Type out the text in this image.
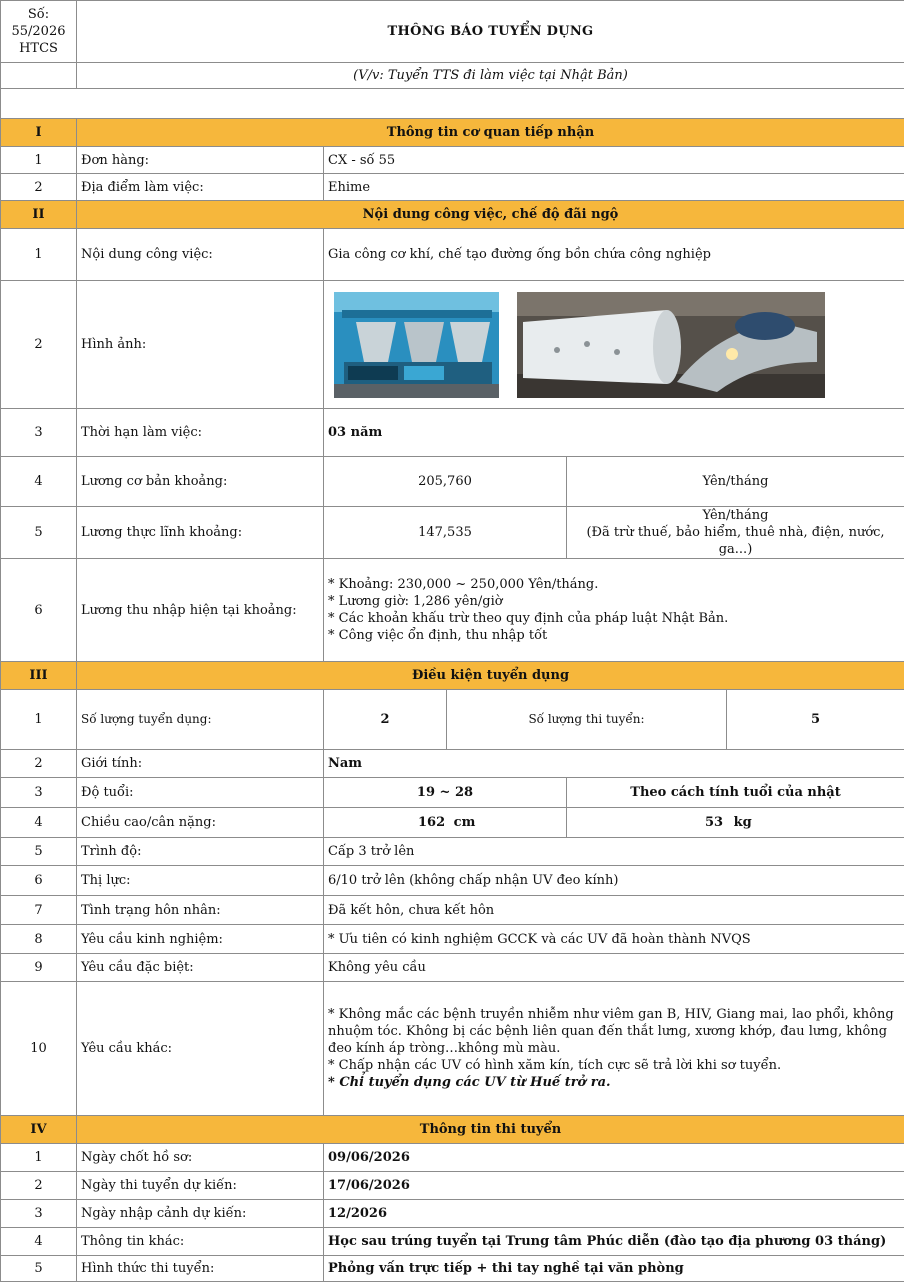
Số: 55/2026
HTCS	THÔNG BÁO TUYỂN DỤNG				
	(V/v: Tuyển TTS đi làm việc tại Nhật Bản)				

I	Thông tin cơ quan tiếp nhận				
1	Đơn hàng:	CX - số 55			
2	Địa điểm làm việc:	Ehime			
II	Nội dung công việc, chế độ đãi ngộ				
1	Nội dung công việc:	Gia công cơ khí, chế tạo đường ống bồn chứa công nghiệp			
2	Hình ảnh:	
3	Thời hạn làm việc:	03 năm			
4	Lương cơ bản khoảng:	205,760		Yên/tháng	
5	Lương thực lĩnh khoảng:	147,535		Yên/tháng
(Đã trừ thuế, bảo hiểm, thuê nhà, điện, nước, ga...)	

6	Lương thu nhập hiện tại khoảng:	* Khoảng: 230,000 ~ 250,000 Yên/tháng.
* Lương giờ: 1,286 yên/giờ
* Các khoản khấu trừ theo quy định của pháp luật Nhật Bản.
* Công việc ổn định, thu nhập tốt			

III	Điều kiện tuyển dụng				
1	Số lượng tuyển dụng:	2	Số lượng thi tuyển:		5
2	Giới tính:	Nam			
3	Độ tuổi:	19 ~ 28		Theo cách tính tuổi của nhật	
4	Chiều cao/cân nặng:	162 cm		53 kg	
5	Trình độ:	Cấp 3 trở lên			
6	Thị lực:	6/10 trở lên (không chấp nhận UV đeo kính)			
7	Tình trạng hôn nhân:	Đã kết hôn, chưa kết hôn			
8	Yêu cầu kinh nghiệm:	* Ưu tiên có kinh nghiệm GCCK và các UV đã hoàn thành NVQS			
9	Yêu cầu đặc biệt:	Không yêu cầu			
10	Yêu cầu khác:	* Không mắc các bệnh truyền nhiễm như viêm gan B, HIV, Giang mai, lao phổi, không nhuộm tóc. Không bị các bệnh liên quan đến thắt lưng, xương khớp, đau lưng, không đeo kính áp tròng…không mù màu.
* Chấp nhận các UV có hình xăm kín, tích cực sẽ trả lời khi sơ tuyển.
* Chỉ tuyển dụng các UV từ Huế trở ra.			

IV	Thông tin thi tuyển				
1	Ngày chốt hồ sơ:	09/06/2026			
2	Ngày thi tuyển dự kiến:	17/06/2026			
3	Ngày nhập cảnh dự kiến:	12/2026			
4	Thông tin khác:	Học sau trúng tuyển tại Trung tâm Phúc diễn (đào tạo địa phương 03 tháng)			
5	Hình thức thi tuyển:	Phỏng vấn trực tiếp + thi tay nghề tại văn phòng			
